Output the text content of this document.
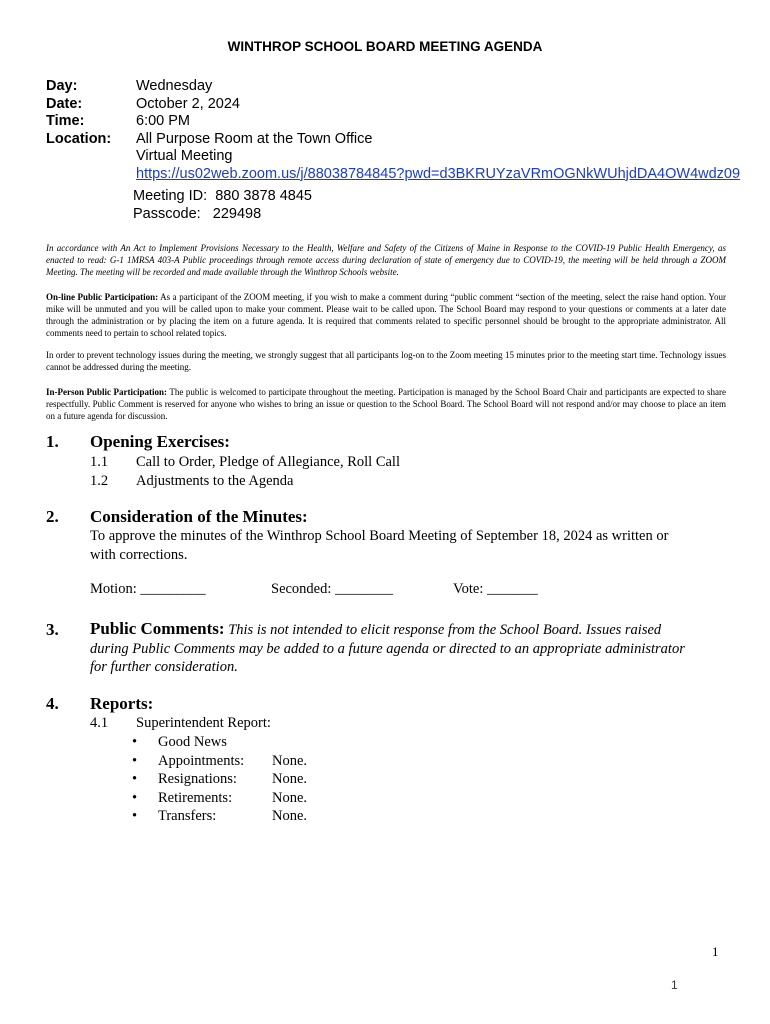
WINTHROP SCHOOL BOARD MEETING AGENDA
Day:	Wednesday
Date:	October 2, 2024
Time:	6:00 PM
Location:	All Purpose Room at the Town Office
Virtual Meeting
https://us02web.zoom.us/j/88038784845?pwd=d3BKRUYzaVRmOGNkWUhjdDA4OW4wdz09
Meeting ID:  880 3878 4845
Passcode:   229498
In accordance with An Act to Implement Provisions Necessary to the Health, Welfare and Safety of the Citizens of Maine in Response to the COVID-19 Public Health Emergency, as enacted to read: G-1 1MRSA 403-A Public proceedings through remote access during declaration of state of emergency due to COVID-19, the meeting will be held through a ZOOM Meeting. The meeting will be recorded and made available through the Winthrop Schools website.
On-line Public Participation: As a participant of the ZOOM meeting, if you wish to make a comment during “public comment “section of the meeting, select the raise hand option. Your mike will be unmuted and you will be called upon to make your comment. Please wait to be called upon. The School Board may respond to your questions or comments at a later date through the administration or by placing the item on a future agenda. It is required that comments related to specific personnel should be brought to the appropriate administrator. All comments need to pertain to school related topics.
In order to prevent technology issues during the meeting, we strongly suggest that all participants log-on to the Zoom meeting 15 minutes prior to the meeting start time. Technology issues cannot be addressed during the meeting.
In-Person Public Participation: The public is welcomed to participate throughout the meeting. Participation is managed by the School Board Chair and participants are expected to share respectfully. Public Comment is reserved for anyone who wishes to bring an issue or question to the School Board. The School Board will not respond and/or may choose to place an item on a future agenda for discussion.
1. Opening Exercises:
1.1 Call to Order, Pledge of Allegiance, Roll Call
1.2 Adjustments to the Agenda
2. Consideration of the Minutes:
To approve the minutes of the Winthrop School Board Meeting of September 18, 2024 as written or
with corrections.
Motion: _________	Seconded: ________	Vote: _______
3. Public Comments: This is not intended to elicit response from the School Board. Issues raised
during Public Comments may be added to a future agenda or directed to an appropriate administrator
for further consideration.
4. Reports:
4.1 Superintendent Report:
•	Good News
•	Appointments:	None.
•	Resignations:	None.
•	Retirements:	None.
•	Transfers:	None.
1
1
